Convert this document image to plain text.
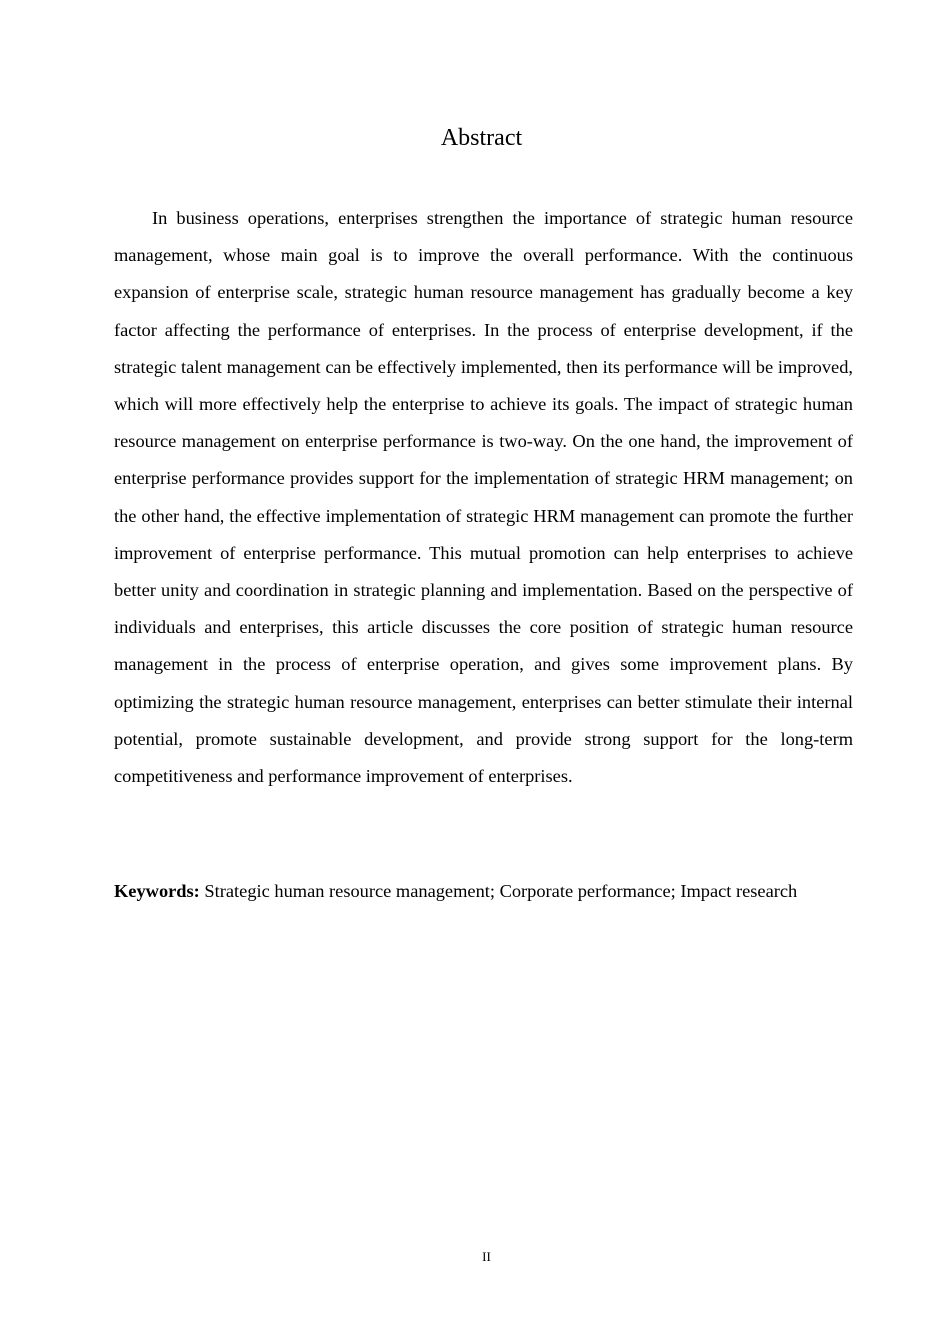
Abstract

In business operations, enterprises strengthen the importance of strategic human resource management, whose main goal is to improve the overall performance. With the continuous expansion of enterprise scale, strategic human resource management has gradually become a key factor affecting the performance of enterprises. In the process of enterprise development, if the strategic talent management can be effectively implemented, then its performance will be improved, which will more effectively help the enterprise to achieve its goals. The impact of strategic human resource management on enterprise performance is two-way. On the one hand, the improvement of enterprise performance provides support for the implementation of strategic HRM management; on the other hand, the effective implementation of strategic HRM management can promote the further improvement of enterprise performance. This mutual promotion can help enterprises to achieve better unity and coordination in strategic planning and implementation. Based on the perspective of individuals and enterprises, this article discusses the core position of strategic human resource management in the process of enterprise operation, and gives some improvement plans. By optimizing the strategic human resource management, enterprises can better stimulate their internal potential, promote sustainable development, and provide strong support for the long-term competitiveness and performance improvement of enterprises.

Keywords: Strategic human resource management; Corporate performance; Impact research

II
